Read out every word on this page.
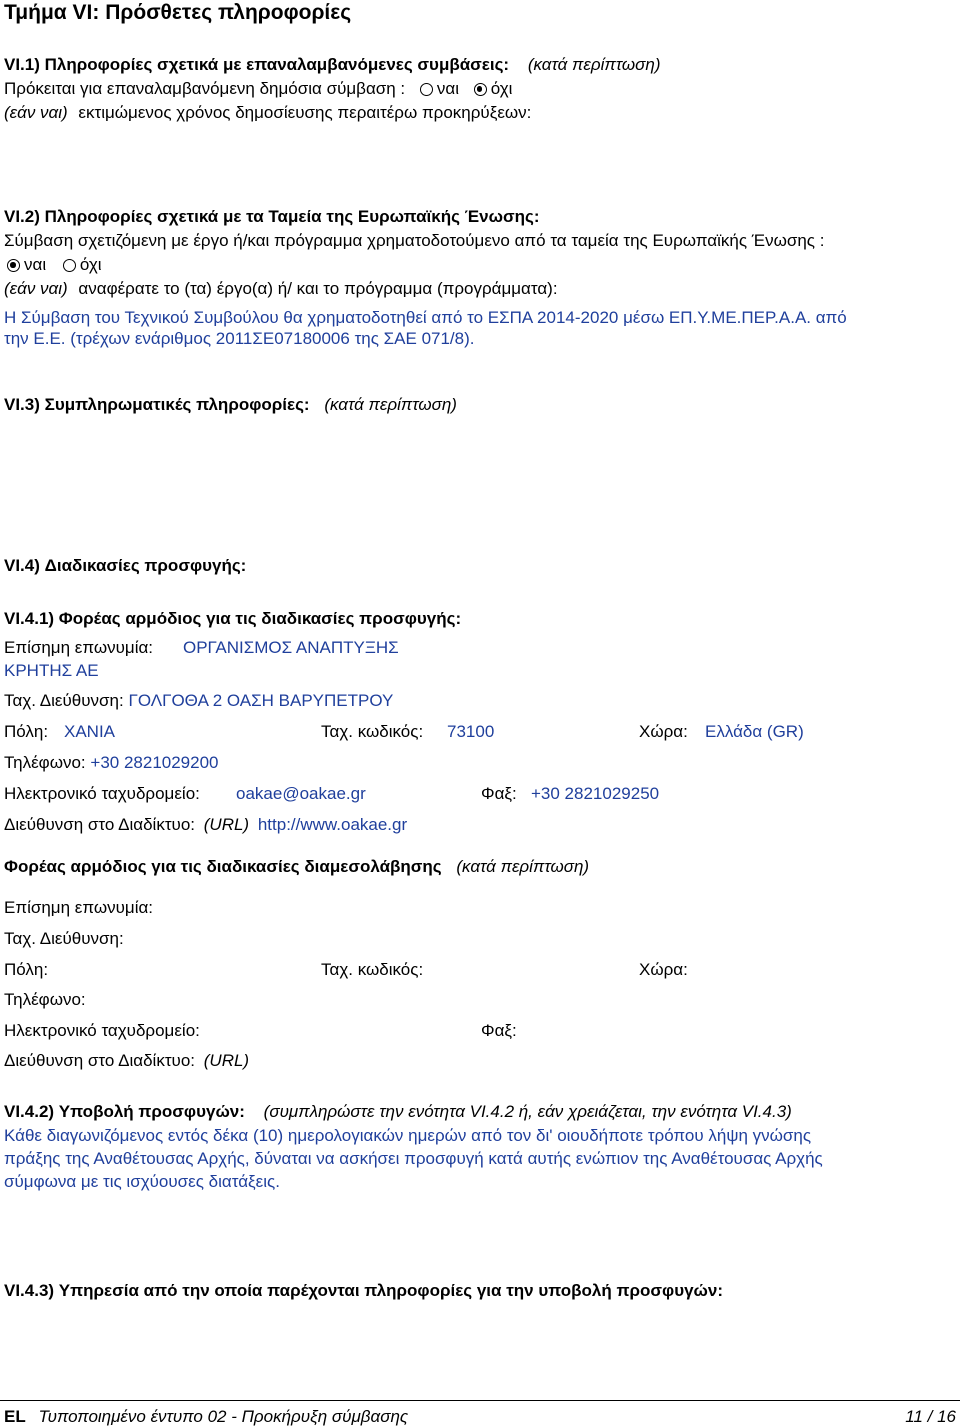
Τμήμα VI: Πρόσθετες πληροφορίες
VI.1) Πληροφορίες σχετικά με επαναλαμβανόμενες συμβάσεις: (κατά περίπτωση)
Πρόκειται για επαναλαμβανόμενη δημόσια σύμβαση : ναι όχι
(εάν ναι) εκτιμώμενος χρόνος δημοσίευσης περαιτέρω προκηρύξεων:
VI.2) Πληροφορίες σχετικά με τα Ταμεία της Ευρωπαϊκής Ένωσης:
Σύμβαση σχετιζόμενη με έργο ή/και πρόγραμμα χρηματοδοτούμενο από τα ταμεία της Ευρωπαϊκής Ένωσης :
ναι όχι
(εάν ναι) αναφέρατε το (τα) έργο(α) ή/ και το πρόγραμμα (προγράμματα):
Η Σύμβαση του Τεχνικού Συμβούλου θα χρηματοδοτηθεί από το ΕΣΠΑ 2014-2020 μέσω ΕΠ.Υ.ΜΕ.ΠΕΡ.Α.Α. από
την Ε.Ε. (τρέχων ενάριθμος 2011ΣΕ07180006 της ΣΑΕ 071/8).
VI.3) Συμπληρωματικές πληροφορίες: (κατά περίπτωση)
VI.4) Διαδικασίες προσφυγής:
VI.4.1) Φορέας αρμόδιος για τις διαδικασίες προσφυγής:
Επίσημη επωνυμία: ΟΡΓΑΝΙΣΜΟΣ ΑΝΑΠΤΥΞΗΣ
ΚΡΗΤΗΣ ΑΕ
Ταχ. Διεύθυνση: ΓΟΛΓΟΘΑ 2 ΟΑΣΗ ΒΑΡΥΠΕΤΡΟΥ
Πόλη: ΧΑΝΙΑ	Ταχ. κωδικός: 73100	Χώρα: Ελλάδα (GR)
Τηλέφωνο: +30 2821029200
Ηλεκτρονικό ταχυδρομείο: oakae@oakae.gr	Φαξ: +30 2821029250
Διεύθυνση στο Διαδίκτυο: (URL) http://www.oakae.gr
Φορέας αρμόδιος για τις διαδικασίες διαμεσολάβησης (κατά περίπτωση)
Επίσημη επωνυμία:
Ταχ. Διεύθυνση:
Πόλη:	Ταχ. κωδικός:	Χώρα:
Τηλέφωνο:
Ηλεκτρονικό ταχυδρομείο:	Φαξ:
Διεύθυνση στο Διαδίκτυο: (URL)
VI.4.2) Υποβολή προσφυγών: (συμπληρώστε την ενότητα VI.4.2 ή, εάν χρειάζεται, την ενότητα VI.4.3)
Κάθε διαγωνιζόμενος εντός δέκα (10) ημερολογιακών ημερών από τον δι' οιουδήποτε τρόπου λήψη γνώσης
πράξης της Αναθέτουσας Αρχής, δύναται να ασκήσει προσφυγή κατά αυτής ενώπιον της Αναθέτουσας Αρχής
σύμφωνα με τις ισχύουσες διατάξεις.
VI.4.3) Υπηρεσία από την οποία παρέχονται πληροφορίες για την υποβολή προσφυγών:
EL Τυποποιημένο έντυπο 02 - Προκήρυξη σύμβασης	11 / 16
